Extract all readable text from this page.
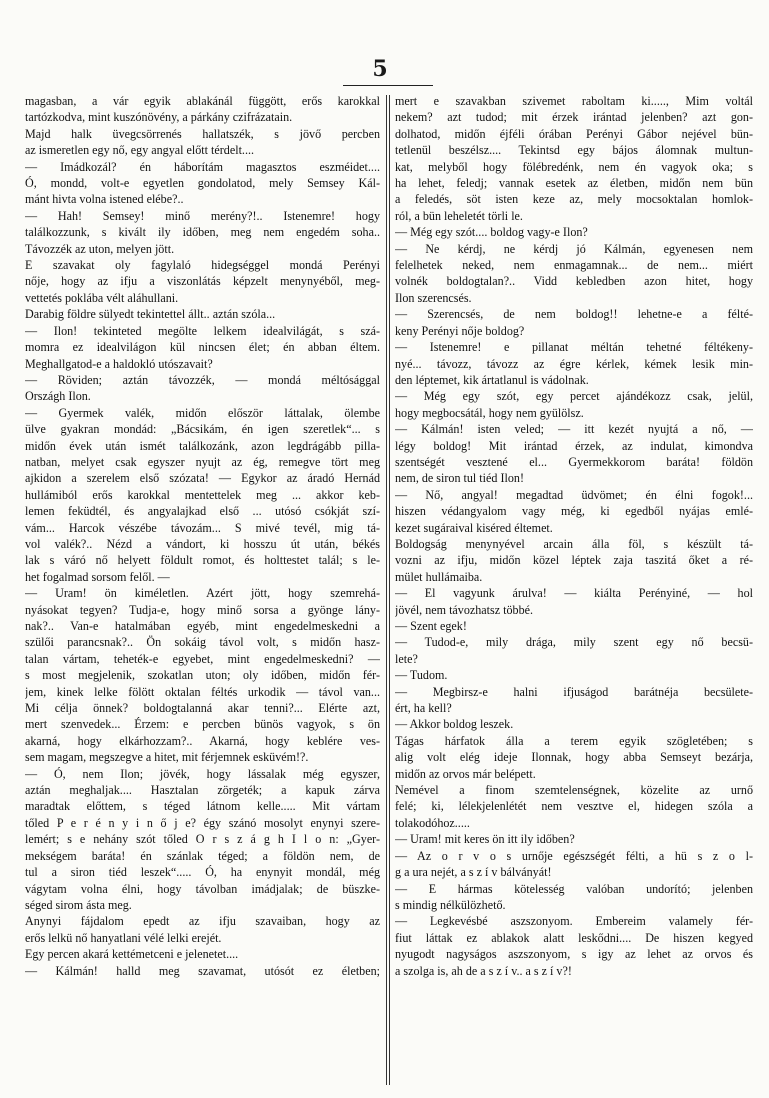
5

magasban, a vár egyik ablakánál függött, erős karokkal

tartózkodva, mint kuszónövény, a párkány czifrázatain.

Majd halk üvegcsörrenés hallatszék, s jövő percben

az ismeretlen egy nő, egy angyal előtt térdelt....

— Imádkozál? én háborítám magasztos eszméidet....

Ó, mondd, volt-e egyetlen gondolatod, mely Semsey Kál-

mánt hivta volna istened elébe?..

— Hah! Semsey! minő merény?!.. Istenemre! hogy

találkozzunk, s kivált ily időben, meg nem engedém soha..

Távozzék az uton, melyen jött.

E szavakat oly fagylaló hidegséggel mondá Perényi

nője, hogy az ifju a viszonlátás képzelt menynyéből, meg-

vettetés poklába vélt aláhullani.

Darabig földre sülyedt tekintettel állt.. aztán szóla...

— Ilon! tekinteted megölte lelkem idealvilágát, s szá-

momra ez idealvilágon kül nincsen élet; én abban éltem.

Meghallgatod-e a haldokló utószavait?

— Röviden; aztán távozzék, — mondá méltósággal

Országh Ilon.

— Gyermek valék, midőn először láttalak, ölembe

ülve gyakran mondád: „Bácsikám, én igen szeretlek“... s

midőn évek után ismét találkozánk, azon legdrágább pilla-

natban, melyet csak egyszer nyujt az ég, remegve tört meg

ajkidon a szerelem első szózata! — Egykor az áradó Hernád

hullámiból erős karokkal mentettelek meg ... akkor keb-

lemen feküdtél, és angyalajkad első ... utósó csókját szí-

vám... Harcok vészébe távozám... S mivé tevél, mig tá-

vol valék?.. Nézd a vándort, ki hosszu út után, békés

lak s váró nő helyett földult romot, és holttestet talál; s le-

het fogalmad sorsom felől. —

— Uram! ön kiméletlen. Azért jött, hogy szemrehá-

nyásokat tegyen? Tudja-e, hogy minő sorsa a gyönge lány-

nak?.. Van-e hatalmában egyéb, mint engedelmeskedni a

szülői parancsnak?.. Ön sokáig távol volt, s midőn hasz-

talan vártam, teheték-e egyebet, mint engedelmeskedni? —

s most megjelenik, szokatlan uton; oly időben, midőn fér-

jem, kinek lelke fölött oktalan féltés urkodik — távol van...

Mi célja önnek? boldogtalanná akar tenni?... Elérte azt,

mert szenvedek... Érzem: e percben bünös vagyok, s ön

akarná, hogy elkárhozzam?.. Akarná, hogy keblére ves-

sem magam, megszegve a hitet, mit férjemnek esküvém!?.

— Ó, nem Ilon; jövék, hogy lássalak még egyszer,

aztán meghaljak.... Hasztalan zörgeték; a kapuk zárva

maradtak előttem, s téged látnom kelle..... Mit vártam

tőled P e r é n y i n ő j e? égy szánó mosolyt enynyi szere-

lemért; s e nehány szót tőled O r s z á g h I l o n: „Gyer-

mekségem barátа! én szánlak téged; a földön nem, de

tul a siron tiéd leszek“..... Ó, ha enynyit mondál, még

vágytam volna élni, hogy távolban imádjalak; de büszke-

séged sirom ásta meg.

Anynyi fájdalom epedt az ifju szavaiban, hogy az

erős lelkü nő hanyatlani vélé lelki erejét.

Egy percen akará kettémetceni e jelenetet....

— Kálmán! halld meg szavamat, utósót ez életben;

mert e szavakban szivemet raboltam ki....., Mim voltál

nekem? azt tudod; mit érzek irántad jelenben? azt gon-

dolhatod, midőn éjféli órában Perényi Gábor nejével bün-

tetlenül beszélsz.... Tekintsd egy bájos álomnak multun-

kat, melyből hogy fölébredénk, nem én vagyok oka; s

ha lehet, feledj; vannak esetek az életben, midőn nem bün

a feledés, söt isten keze az, mely mocsoktalan homlok-

ról, a bün leheletét törli le.

— Még egy szót.... boldog vagy-e Ilon?

— Ne kérdj, ne kérdj jó Kálmán, egyenesen nem

felelhetek neked, nem enmagamnak... de nem... miért

volnék boldogtalan?.. Vidd kebledben azon hitet, hogy

Ilon szerencsés.

— Szerencsés, de nem boldog!! lehetne-e a félté-

keny Perényi nője boldog?

— Istenemre! e pillanat méltán tehetné féltékeny-

nyé... távozz, távozz az égre kérlek, kémek lesik min-

den léptemet, kik ártatlanul is vádolnak.

— Még egy szót, egy percet ajándékozz csak, jelül,

hogy megbocsátál, hogy nem gyülölsz.

— Kálmán! isten veled; — itt kezét nyujtá a nő, —

légy boldog! Mit irántad érzek, az indulat, kimondva

szentségét vesztené el... Gyermekkorom barátа! földön

nem, de siron tul tiéd Ilon!

— Nő, angyal! megadtad üdvömet; én élni fogok!...

hiszen védangyalom vagy még, ki egedből nyájas emlé-

kezet sugáraival kiséred éltemet.

Boldogság menynyével arcain álla föl, s készült tá-

vozni az ifju, midőn közel léptek zaja taszitá őket a ré-

mület hullámaiba.

— El vagyunk árulva! — kiálta Perényiné, — hol

jövél, nem távozhatsz többé.

— Szent egek!

— Tudod-e, mily drága, mily szent egy nő becsü-

lete?

— Tudom.

— Megbirsz-e halni ifjuságod barátnéja becsülete-

ért, ha kell?

— Akkor boldog leszek.

Tágas hárfatok álla a terem egyik szögletében; s

alig volt elég ideje Ilonnak, hogy abba Semseyt bezárja,

midőn az orvos már belépett.

Nemével a finom szemtelenségnek, közelite az urnő

felé; ki, lélekjelenlétét nem vesztve el, hidegen szóla a

tolakodóhoz.....

— Uram! mit keres ön itt ily időben?

— Az o r v o s urnője egészségét félti, a hü s z o l-

g a ura nejét, a s z í v bálványát!

— E hármas kötelesség valóban undorító; jelenben

s mindig nélkülözhető.

— Legkevésbé aszszonyom. Embereim valamely fér-

fiut láttak ez ablakok alatt leskődni.... De hiszen kegyed

nyugodt nagyságos aszszonyom, s igy az lehet az orvos és

a szolga is, ah de a s z í v.. a s z í v?!
